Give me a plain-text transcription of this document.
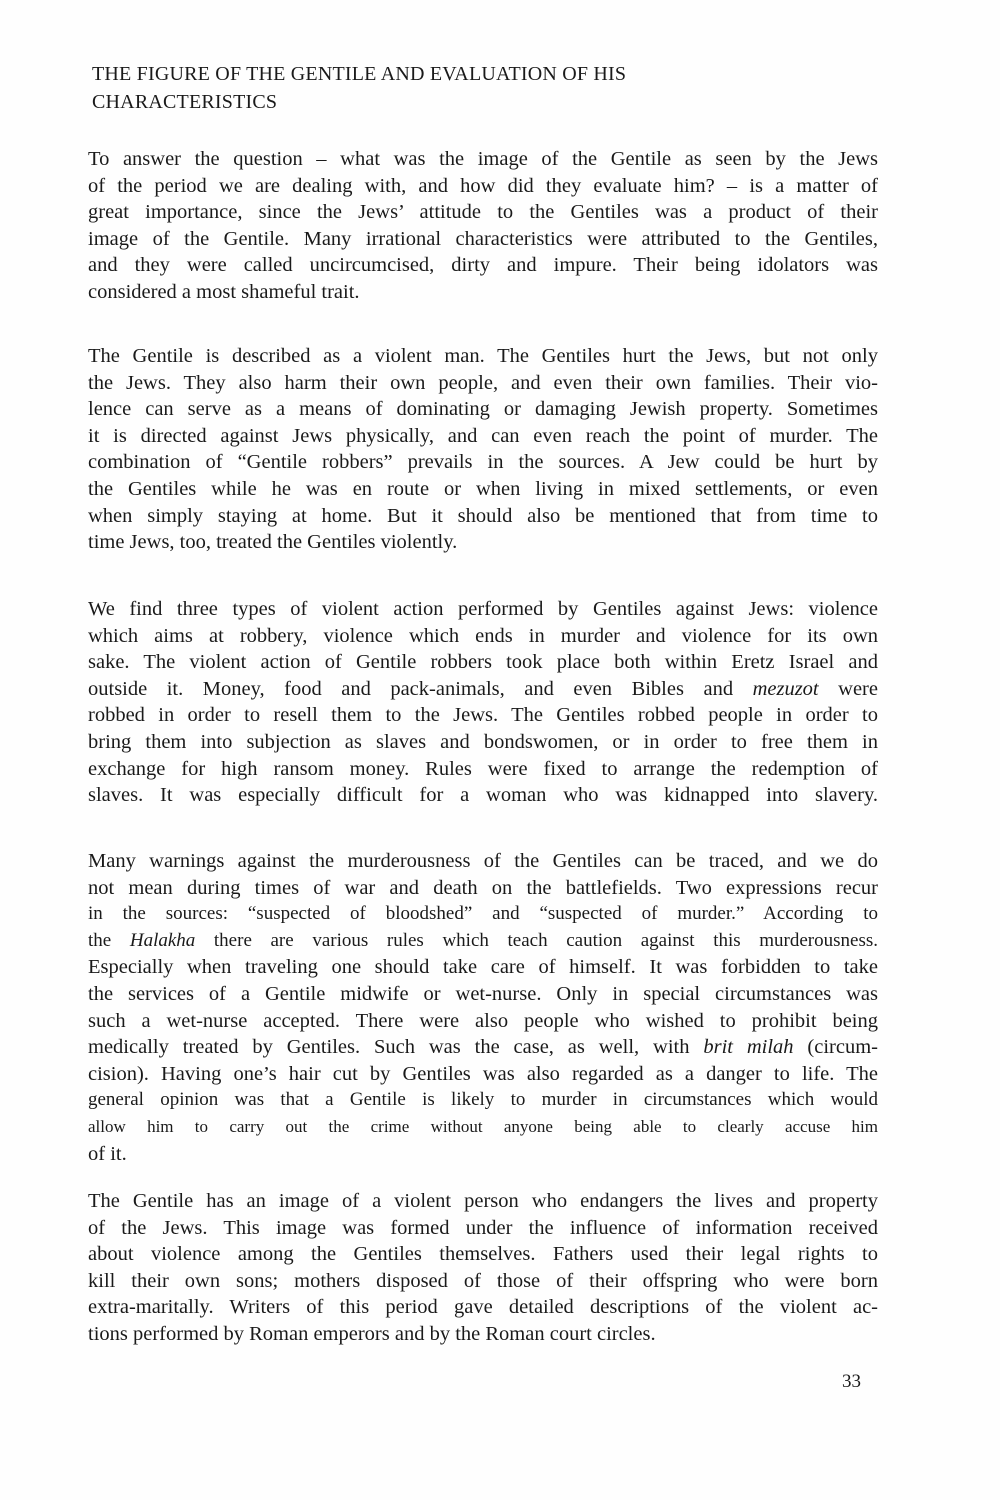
THE FIGURE OF THE GENTILE AND EVALUATION OF HIS
CHARACTERISTICS

To answer the question – what was the image of the Gentile as seen by the Jews
of the period we are dealing with, and how did they evaluate him? – is a matter of
great importance, since the Jews’ attitude to the Gentiles was a product of their
image of the Gentile. Many irrational characteristics were attributed to the Gentiles,
and they were called uncircumcised, dirty and impure. Their being idolators was
considered a most shameful trait.

The Gentile is described as a violent man. The Gentiles hurt the Jews, but not only
the Jews. They also harm their own people, and even their own families. Their vio-
lence can serve as a means of dominating or damaging Jewish property. Sometimes
it is directed against Jews physically, and can even reach the point of murder. The
combination of “Gentile robbers” prevails in the sources. A Jew could be hurt by
the Gentiles while he was en route or when living in mixed settlements, or even
when simply staying at home. But it should also be mentioned that from time to
time Jews, too, treated the Gentiles violently.

We find three types of violent action performed by Gentiles against Jews: violence
which aims at robbery, violence which ends in murder and violence for its own
sake. The violent action of Gentile robbers took place both within Eretz Israel and
outside it. Money, food and pack-animals, and even Bibles and mezuzot were
robbed in order to resell them to the Jews. The Gentiles robbed people in order to
bring them into subjection as slaves and bondswomen, or in order to free them in
exchange for high ransom money. Rules were fixed to arrange the redemption of
slaves. It was especially difficult for a woman who was kidnapped into slavery.

Many warnings against the murderousness of the Gentiles can be traced, and we do
not mean during times of war and death on the battlefields. Two expressions recur
in the sources: “suspected of bloodshed” and “suspected of murder.” According to
the Halakha there are various rules which teach caution against this murderousness.
Especially when traveling one should take care of himself. It was forbidden to take
the services of a Gentile midwife or wet-nurse. Only in special circumstances was
such a wet-nurse accepted. There were also people who wished to prohibit being
medically treated by Gentiles. Such was the case, as well, with brit milah (circum-
cision). Having one’s hair cut by Gentiles was also regarded as a danger to life. The
general opinion was that a Gentile is likely to murder in circumstances which would
allow him to carry out the crime without anyone being able to clearly accuse him
of it.

The Gentile has an image of a violent person who endangers the lives and property
of the Jews. This image was formed under the influence of information received
about violence among the Gentiles themselves. Fathers used their legal rights to
kill their own sons; mothers disposed of those of their offspring who were born
extra-maritally. Writers of this period gave detailed descriptions of the violent ac-
tions performed by Roman emperors and by the Roman court circles.

33
